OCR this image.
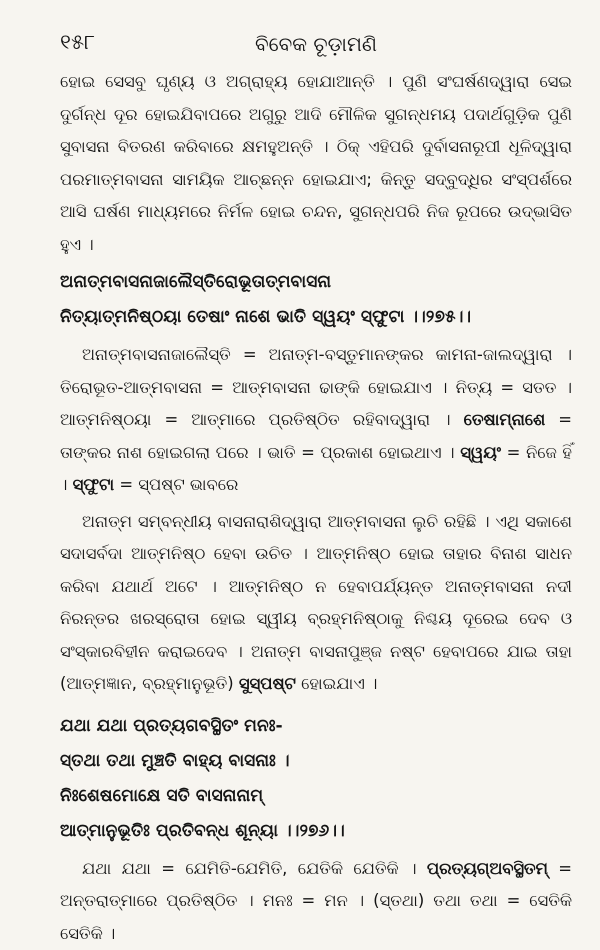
୧୫୮	ବିବେକ ଚୂଡ଼ାମଣି

ହୋଇ ସେସବୁ ଘୃଣ୍ୟ ଓ ଅଗ୍ରାହ୍ୟ ହୋଯାଆନ୍ତି । ପୁଣି ସଂଘର୍ଷଣଦ୍ୱାରା ସେଇ ଦୁର୍ଗନ୍ଧ ଦୂର ହୋଇଯିବାପରେ ଅଗୁରୁ ଆଦି ମୌଳିକ ସୁଗନ୍ଧମୟ ପଦାର୍ଥଗୁଡ଼ିକ ପୁଣି ସୁବାସନା ବିତରଣ କରିବାରେ କ୍ଷମହୁଅନ୍ତି । ଠିକ୍ ଏହିପରି ଦୁର୍ବାସନାରୂପୀ ଧୂଳିଦ୍ୱାରା ପରମାତ୍ମବାସନା ସାମୟିକ ଆଚ୍ଛନ୍ନ ହୋଇଯାଏ; କିନ୍ତୁ ସଦ୍‌ବୁଦ୍ଧିର ସଂସ୍ପର୍ଶରେ ଆସି ଘର୍ଷଣ ମାଧ୍ୟମରେ ନିର୍ମଳ ହୋଇ ଚନ୍ଦନ, ସୁଗନ୍ଧପରି ନିଜ ରୂପରେ ଉଦ୍‌ଭାସିତ ହୁଏ ।

ଅନାତ୍ମବାସନାଜାଲୈସ୍ତିରୋଭୂତାତ୍ମବାସନା

ନିତ୍ୟାତ୍ମନିଷ୍ଠୟା ତେଷାଂ ନାଶେ ଭାତି ସ୍ୱୟଂ ସ୍ଫୁଟା ।।୨୭୫।।

ଅନାତ୍ମବାସନାଜାଲୈସ୍ତି = ଅନାତ୍ମ-ବସ୍ତୁମାନଙ୍କର କାମନା-ଜାଲଦ୍ୱାରା । ତିରୋଭୂତ-ଆତ୍ମବାସନା = ଆତ୍ମବାସନା ଢାଙ୍କି ହୋଇଯାଏ । ନିତ୍ୟ = ସତତ । ଆତ୍ମନିଷ୍ଠୟା = ଆତ୍ମାରେ ପ୍ରତିଷ୍ଠିତ ରହିବାଦ୍ୱାରା । ତେଷାମ୍‌ନାଶେ = ତାଙ୍କର ନାଶ ହୋଇଗଲା ପରେ । ଭାତି = ପ୍ରକାଶ ହୋଇଥାଏ । ସ୍ୱୟଂ = ନିଜେ ହିଁ । ସ୍ଫୁଟା = ସ୍ପଷ୍ଟ ଭାବରେ

ଅନାତ୍ମ ସମ୍ବନ୍ଧୀୟ ବାସନାରାଶିଦ୍ୱାରା ଆତ୍ମବାସନା ଲୁଚି ରହିଛି । ଏଥି ସକାଶେ ସଦାସର୍ବଦା ଆତ୍ମନିଷ୍ଠ ହେବା ଉଚିତ । ଆତ୍ମନିଷ୍ଠ ହୋଇ ତାହାର ବିନାଶ ସାଧନ କରିବା ଯଥାର୍ଥ ଅଟେ । ଆତ୍ମନିଷ୍ଠ ନ ହେବାପର୍ଯ୍ୟନ୍ତ ଅନାତ୍ମବାସନା ନଦୀ ନିରନ୍ତର ଖରସ୍ରୋତା ହୋଇ ସ୍ୱୀୟ ବ୍ରହ୍ମନିଷ୍ଠାକୁ ନିଶ୍ଚୟ ଦୂରେଇ ଦେବ ଓ ସଂସ୍କାରବିହୀନ କରାଇଦେବ । ଅନାତ୍ମ ବାସନାପୁଞ୍ଜ ନଷ୍ଟ ହେବାପରେ ଯାଇ ତାହା (ଆତ୍ମଜ୍ଞାନ, ବ୍ରହ୍ମାନୁଭୂତି) ସୁସ୍ପଷ୍ଟ ହୋଇଯାଏ ।

ଯଥା ଯଥା ପ୍ରତ୍ୟଗବସ୍ଥିତଂ ମନଃ-

ସ୍ତଥା ତଥା ମୁଞ୍ଚତି ବାହ୍ୟ ବାସନାଃ ।

ନିଃଶେଷମୋକ୍ଷେ ସତି ବାସନାନାମ୍

ଆତ୍ମାନୁଭୂତିଃ ପ୍ରତିବନ୍ଧ ଶୂନ୍ୟା ।।୨୭୬।।

ଯଥା ଯଥା = ଯେମିତି-ଯେମିତି, ଯେତିକି ଯେତିକି । ପ୍ରତ୍ୟଗ୍‌ଅବସ୍ଥିତମ୍ = ଅନ୍ତରାତ୍ମାରେ ପ୍ରତିଷ୍ଠିତ । ମନଃ = ମନ । (ସ୍ତଥା) ତଥା ତଥା = ସେତିକି ସେତିକି ।
